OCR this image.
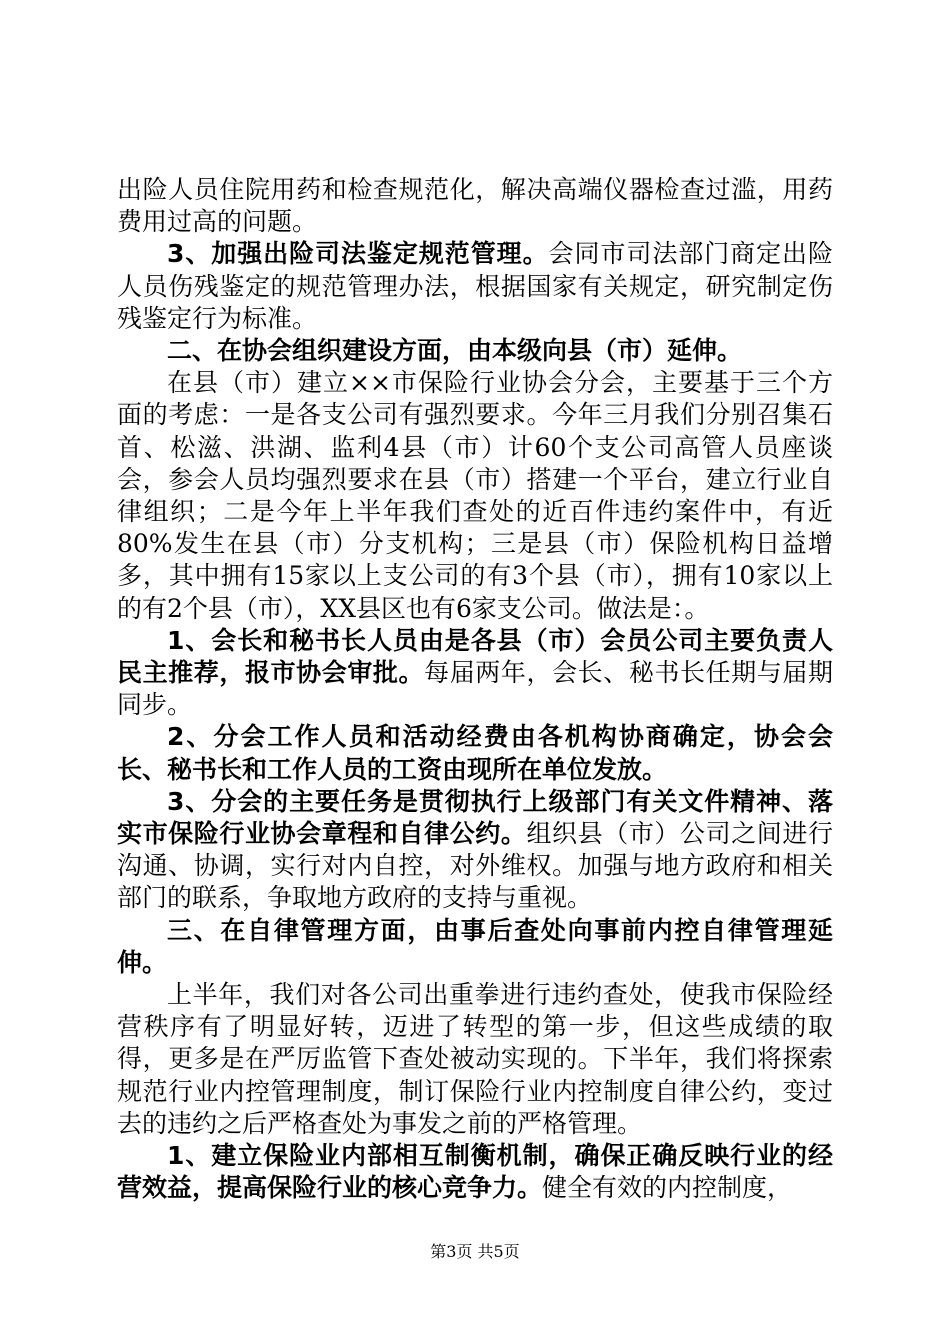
出险人员住院用药和检查规范化，解决高端仪器检查过滥，用药费用过高的问题。

3、加强出险司法鉴定规范管理。会同市司法部门商定出险人员伤残鉴定的规范管理办法，根据国家有关规定，研究制定伤残鉴定行为标准。

二、在协会组织建设方面，由本级向县（市）延伸。

在县（市）建立××市保险行业协会分会，主要基于三个方面的考虑：一是各支公司有强烈要求。今年三月我们分别召集石首、松滋、洪湖、监利4县（市）计60个支公司高管人员座谈会，参会人员均强烈要求在县（市）搭建一个平台，建立行业自律组织；二是今年上半年我们查处的近百件违约案件中，有近80%发生在县（市）分支机构；三是县（市）保险机构日益增多，其中拥有15家以上支公司的有3个县（市），拥有10家以上的有2个县（市），XX县区也有6家支公司。做法是：。

1、会长和秘书长人员由是各县（市）会员公司主要负责人民主推荐，报市协会审批。每届两年，会长、秘书长任期与届期同步。

2、分会工作人员和活动经费由各机构协商确定，协会会长、秘书长和工作人员的工资由现所在单位发放。

3、分会的主要任务是贯彻执行上级部门有关文件精神、落实市保险行业协会章程和自律公约。组织县（市）公司之间进行沟通、协调，实行对内自控，对外维权。加强与地方政府和相关部门的联系，争取地方政府的支持与重视。

三、在自律管理方面，由事后查处向事前内控自律管理延伸。

上半年，我们对各公司出重拳进行违约查处，使我市保险经营秩序有了明显好转，迈进了转型的第一步，但这些成绩的取得，更多是在严厉监管下查处被动实现的。下半年，我们将探索规范行业内控管理制度，制订保险行业内控制度自律公约，变过去的违约之后严格查处为事发之前的严格管理。

1、建立保险业内部相互制衡机制，确保正确反映行业的经营效益，提高保险行业的核心竞争力。健全有效的内控制度，

第3页 共5页
